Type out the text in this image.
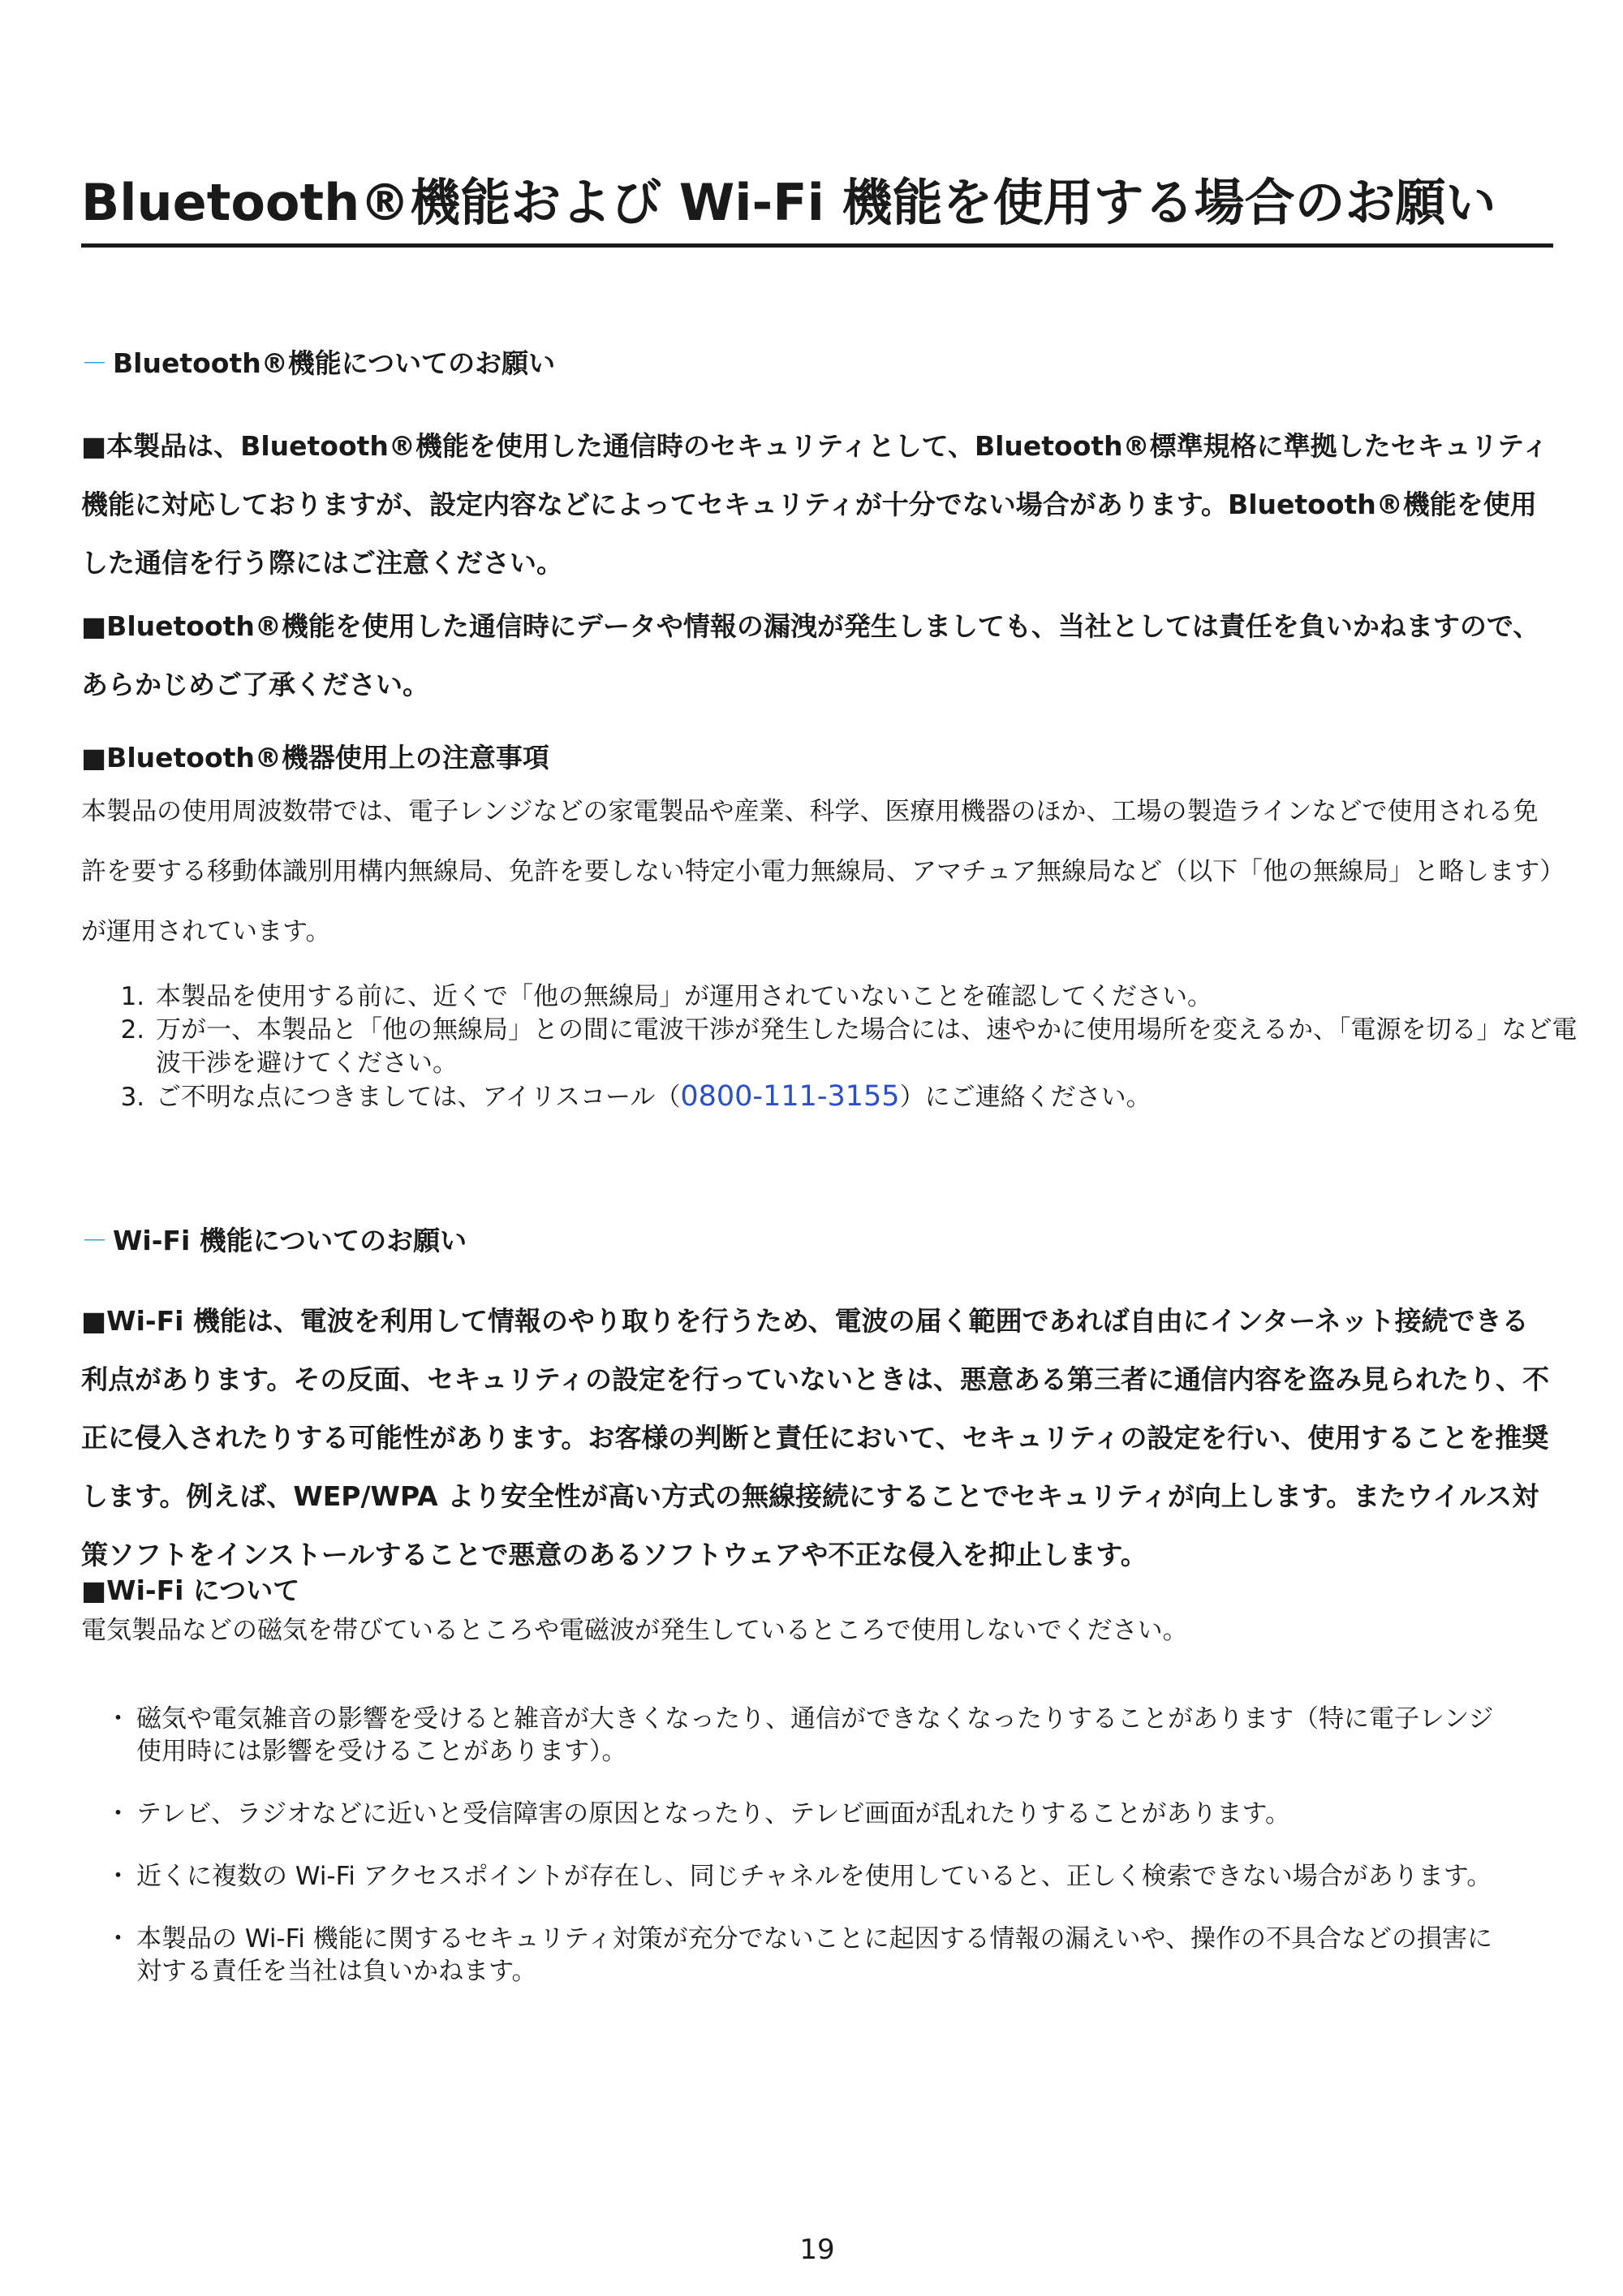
Bluetooth®機能および Wi-Fi 機能を使用する場合のお願い
－ Bluetooth®機能についてのお願い

■本製品は、Bluetooth®機能を使用した通信時のセキュリティとして、Bluetooth®標準規格に準拠したセキュリティ機能に対応しておりますが、設定内容などによってセキュリティが十分でない場合があります。Bluetooth®機能を使用した通信を行う際にはご注意ください。

■Bluetooth®機能を使用した通信時にデータや情報の漏洩が発生しましても、当社としては責任を負いかねますので、あらかじめご了承ください。

■Bluetooth®機器使用上の注意事項

本製品の使用周波数帯では、電子レンジなどの家電製品や産業、科学、医療用機器のほか、工場の製造ラインなどで使用される免許を要する移動体識別用構内無線局、免許を要しない特定小電力無線局、アマチュア無線局など（以下「他の無線局」と略します）が運用されています。

1. 本製品を使用する前に、近くで「他の無線局」が運用されていないことを確認してください。
2. 万が一、本製品と「他の無線局」との間に電波干渉が発生した場合には、速やかに使用場所を変えるか、「電源を切る」など電波干渉を避けてください。
3. ご不明な点につきましては、アイリスコール（0800-111-3155）にご連絡ください。
－ Wi-Fi 機能についてのお願い

■Wi-Fi 機能は、電波を利用して情報のやり取りを行うため、電波の届く範囲であれば自由にインターネット接続できる利点があります。その反面、セキュリティの設定を行っていないときは、悪意ある第三者に通信内容を盗み見られたり、不正に侵入されたりする可能性があります。お客様の判断と責任において、セキュリティの設定を行い、使用することを推奨します。例えば、WEP/WPA より安全性が高い方式の無線接続にすることでセキュリティが向上します。またウイルス対策ソフトをインストールすることで悪意のあるソフトウェアや不正な侵入を抑止します。

■Wi-Fi について
電気製品などの磁気を帯びているところや電磁波が発生しているところで使用しないでください。
・ 磁気や電気雑音の影響を受けると雑音が大きくなったり、通信ができなくなったりすることがあります（特に電子レンジ使用時には影響を受けることがあります）。
・ テレビ、ラジオなどに近いと受信障害の原因となったり、テレビ画面が乱れたりすることがあります。
・ 近くに複数の Wi-Fi アクセスポイントが存在し、同じチャネルを使用していると、正しく検索できない場合があります。
・ 本製品の Wi-Fi 機能に関するセキュリティ対策が充分でないことに起因する情報の漏えいや、操作の不具合などの損害に対する責任を当社は負いかねます。
19
